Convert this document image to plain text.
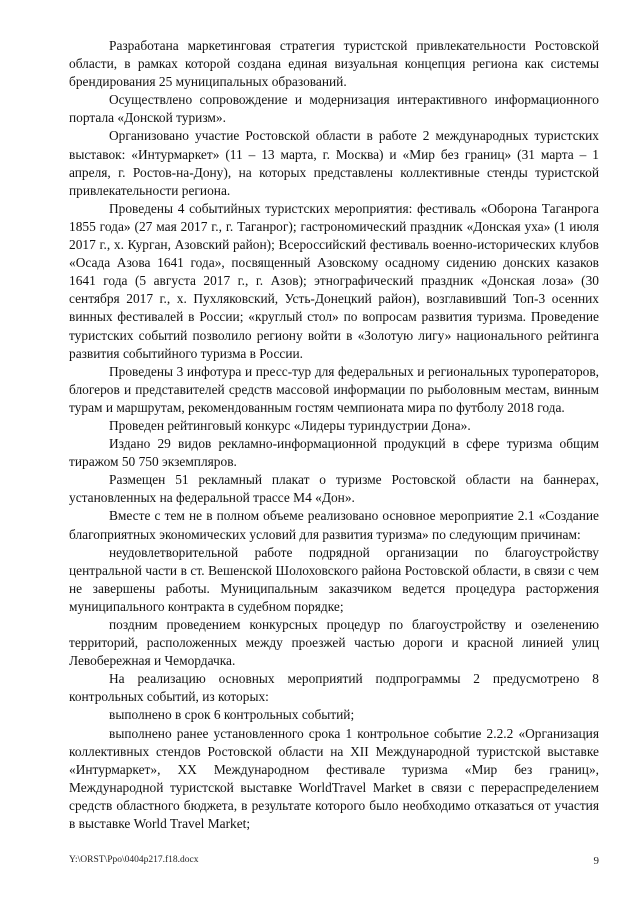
Разработана маркетинговая стратегия туристской привлекательности Ростовской области, в рамках которой создана единая визуальная концепция региона как системы брендирования 25 муниципальных образований.

Осуществлено сопровождение и модернизация интерактивного информационного портала «Донской туризм».

Организовано участие Ростовской области в работе 2 международных туристских выставок: «Интурмаркет» (11 – 13 марта, г. Москва) и «Мир без границ» (31 марта – 1 апреля, г. Ростов-на-Дону), на которых представлены коллективные стенды туристской привлекательности региона.

Проведены 4 событийных туристских мероприятия: фестиваль «Оборона Таганрога 1855 года» (27 мая 2017 г., г. Таганрог); гастрономический праздник «Донская уха» (1 июля 2017 г., х. Курган, Азовский район); Всероссийский фестиваль военно-исторических клубов «Осада Азова 1641 года», посвященный Азовскому осадному сидению донских казаков 1641 года (5 августа 2017 г., г. Азов); этнографический праздник «Донская лоза» (30 сентября 2017 г., х. Пухляковский, Усть-Донецкий район), возглавивший Топ-3 осенних винных фестивалей в России; «круглый стол» по вопросам развития туризма. Проведение туристских событий позволило региону войти в «Золотую лигу» национального рейтинга развития событийного туризма в России.

Проведены 3 инфотура и пресс-тур для федеральных и региональных туроператоров, блогеров и представителей средств массовой информации по рыболовным местам, винным турам и маршрутам, рекомендованным гостям чемпионата мира по футболу 2018 года.

Проведен рейтинговый конкурс «Лидеры туриндустрии Дона».

Издано 29 видов рекламно-информационной продукций в сфере туризма общим тиражом 50 750 экземпляров.

Размещен 51 рекламный плакат о туризме Ростовской области на баннерах, установленных на федеральной трассе М4 «Дон».

Вместе с тем не в полном объеме реализовано основное мероприятие 2.1 «Создание благоприятных экономических условий для развития туризма» по следующим причинам:

неудовлетворительной работе подрядной организации по благоустройству центральной части в ст. Вешенской Шолоховского района Ростовской области, в связи с чем не завершены работы. Муниципальным заказчиком ведется процедура расторжения муниципального контракта в судебном порядке;

поздним проведением конкурсных процедур по благоустройству и озеленению территорий, расположенных между проезжей частью дороги и красной линией улиц Левобережная и Чемордачка.

На реализацию основных мероприятий подпрограммы 2 предусмотрено 8 контрольных событий, из которых:

выполнено в срок 6 контрольных событий;

выполнено ранее установленного срока 1 контрольное событие 2.2.2 «Организация коллективных стендов Ростовской области на XII Международной туристской выставке «Интурмаркет», XX Международном фестивале туризма «Мир без границ», Международной туристской выставке WorldTravel Market в связи с перераспределением средств областного бюджета, в результате которого было необходимо отказаться от участия в выставке World Travel Market;

Y:\ORST\Ppo\0404p217.f18.docx	9
